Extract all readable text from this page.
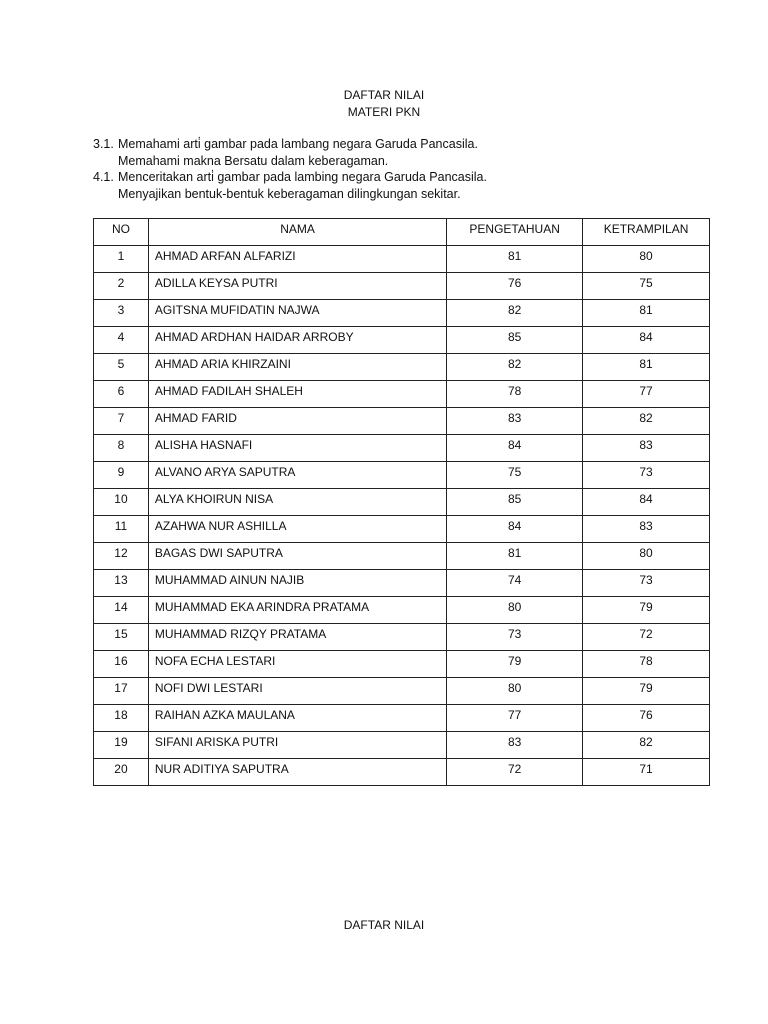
DAFTAR NILAI
MATERI PKN
3.1. Memahami arti̇ gambar pada lambang negara Garuda Pancasila.
Memahami makna Bersatu dalam keberagaman.
4.1. Menceritakan arti̇ gambar pada lambing negara Garuda Pancasila.
Menyajikan bentuk-bentuk keberagaman dilingkungan sekitar.
NO	NAMA	PENGETAHUAN	KETRAMPILAN
1	AHMAD ARFAN ALFARIZI	81	80
2	ADILLA KEYSA PUTRI	76	75
3	AGITSNA MUFIDATIN NAJWA	82	81
4	AHMAD ARDHAN HAIDAR ARROBY	85	84
5	AHMAD ARIA KHIRZAINI	82	81
6	AHMAD FADILAH SHALEH	78	77
7	AHMAD FARID	83	82
8	ALISHA HASNAFI	84	83
9	ALVANO ARYA SAPUTRA	75	73
10	ALYA KHOIRUN NISA	85	84
11	AZAHWA NUR ASHILLA	84	83
12	BAGAS DWI SAPUTRA	81	80
13	MUHAMMAD AINUN NAJIB	74	73
14	MUHAMMAD EKA ARINDRA PRATAMA	80	79
15	MUHAMMAD RIZQY PRATAMA	73	72
16	NOFA ECHA LESTARI	79	78
17	NOFI DWI LESTARI	80	79
18	RAIHAN AZKA MAULANA	77	76
19	SIFANI ARISKA PUTRI	83	82
20	NUR ADITIYA SAPUTRA	72	71
DAFTAR NILAI
